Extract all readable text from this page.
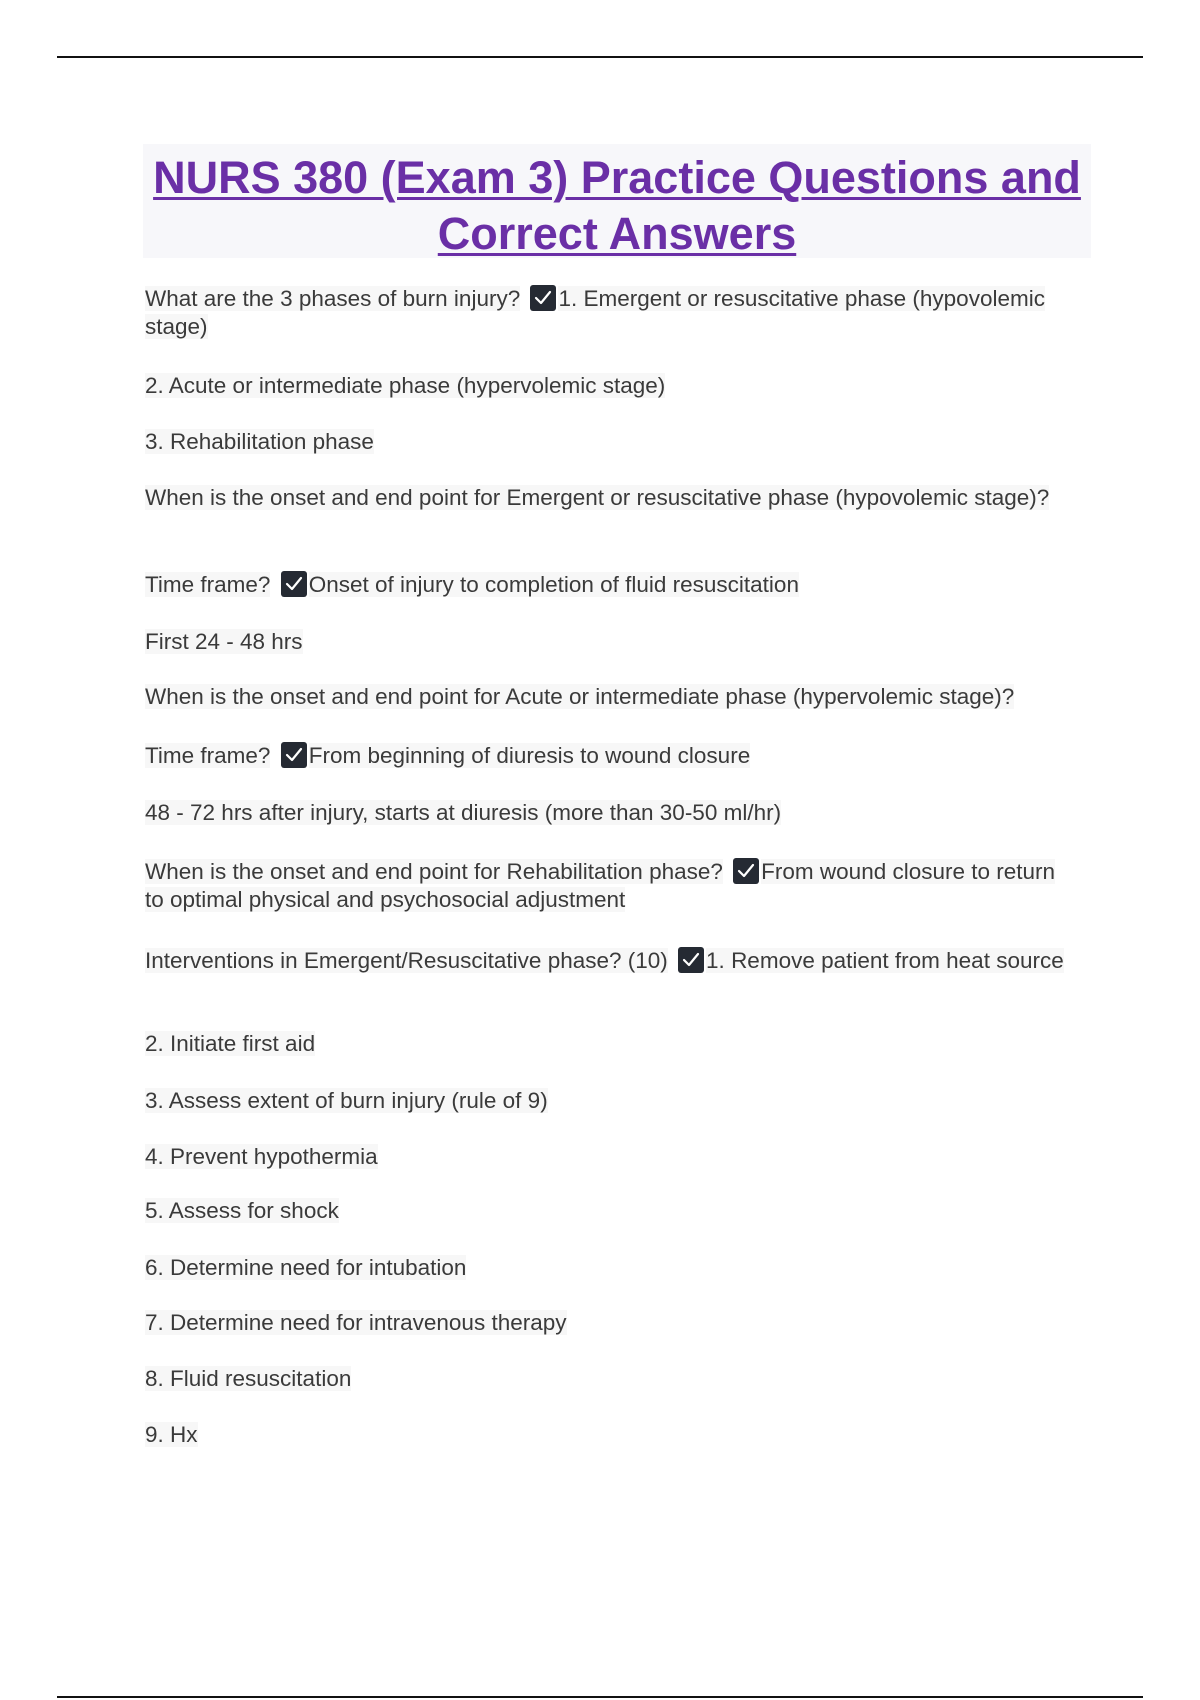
NURS 380 (Exam 3) Practice Questions and Correct Answers

What are the 3 phases of burn injury? 1. Emergent or resuscitative phase (hypovolemic stage)

2. Acute or intermediate phase (hypervolemic stage)

3. Rehabilitation phase

When is the onset and end point for Emergent or resuscitative phase (hypovolemic stage)?

Time frame? Onset of injury to completion of fluid resuscitation

First 24 - 48 hrs

When is the onset and end point for Acute or intermediate phase (hypervolemic stage)?

Time frame? From beginning of diuresis to wound closure

48 - 72 hrs after injury, starts at diuresis (more than 30-50 ml/hr)

When is the onset and end point for Rehabilitation phase? From wound closure to return to optimal physical and psychosocial adjustment

Interventions in Emergent/Resuscitative phase? (10) 1. Remove patient from heat source

2. Initiate first aid

3. Assess extent of burn injury (rule of 9)

4. Prevent hypothermia

5. Assess for shock

6. Determine need for intubation

7. Determine need for intravenous therapy

8. Fluid resuscitation

9. Hx
